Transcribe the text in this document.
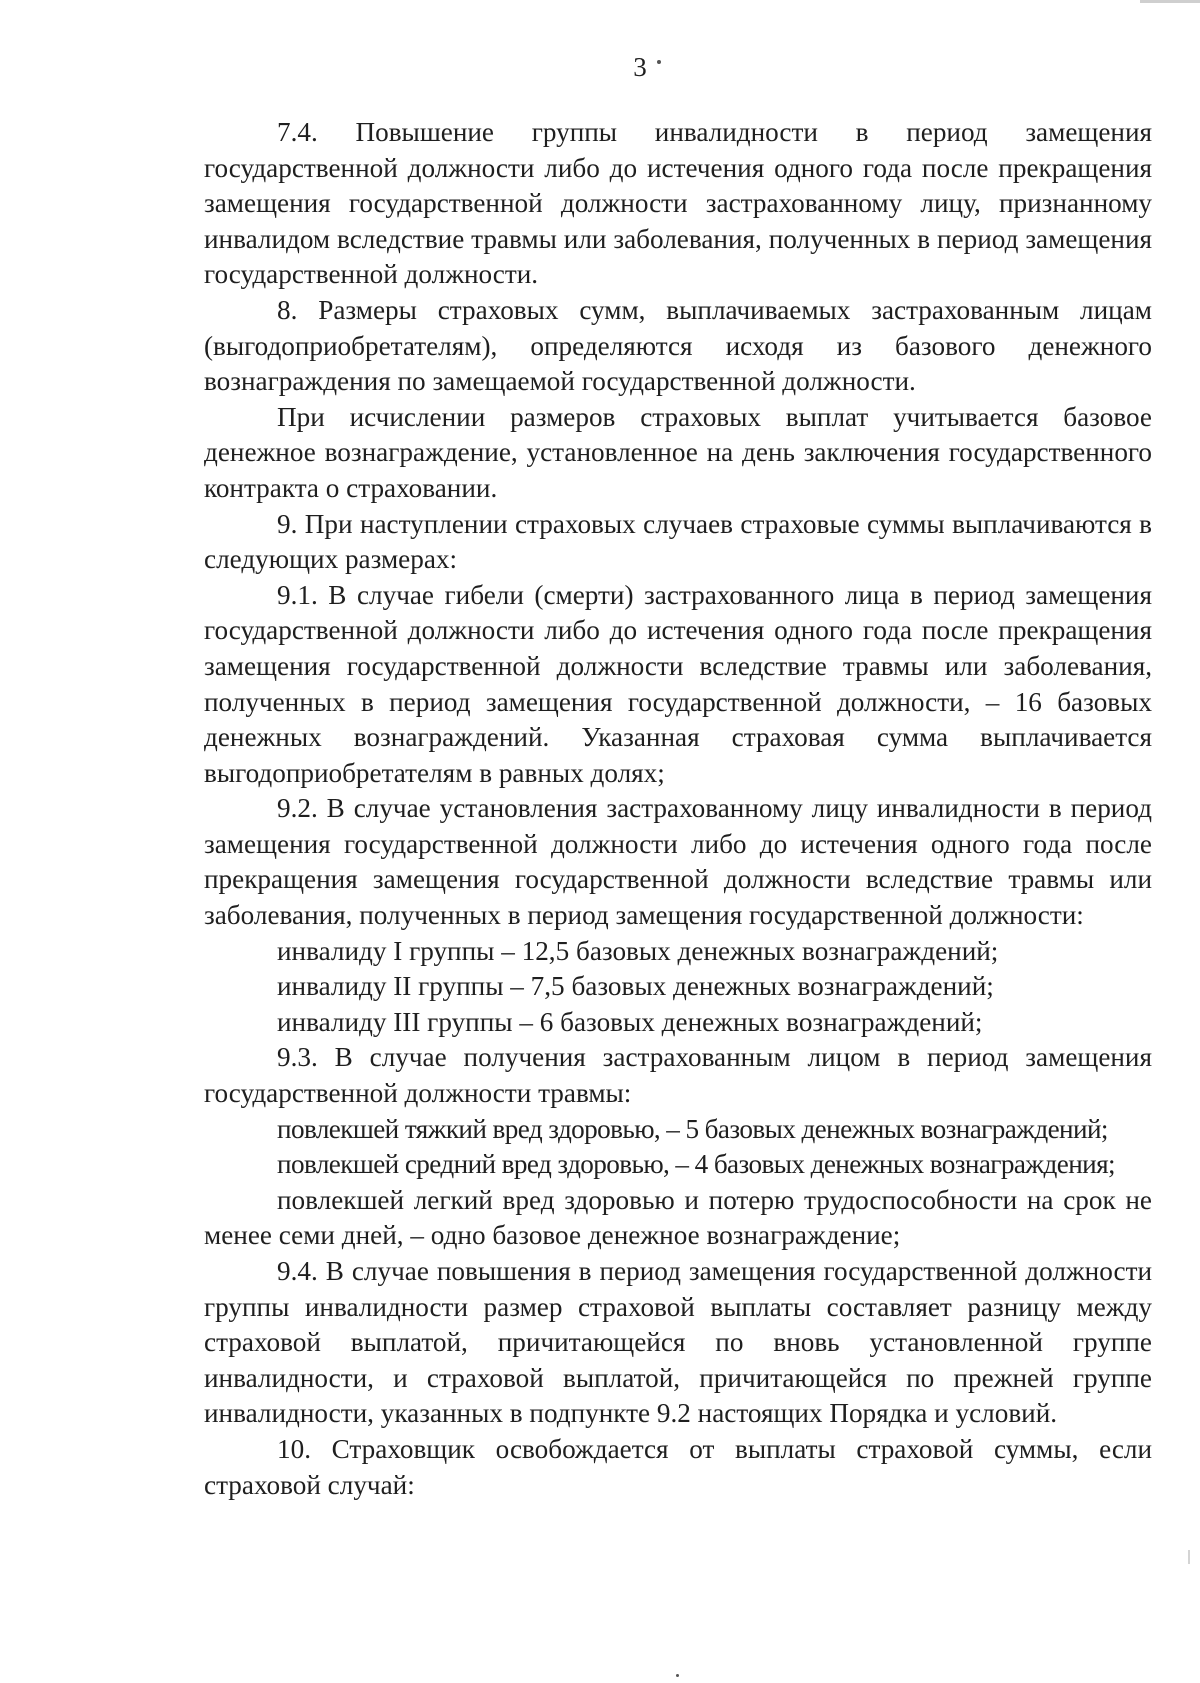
3

7.4. Повышение группы инвалидности в период замещения государственной должности либо до истечения одного года после прекращения замещения государственной должности застрахованному лицу, признанному инвалидом вследствие травмы или заболевания, полученных в период замещения государственной должности.

8. Размеры страховых сумм, выплачиваемых застрахованным лицам (выгодоприобретателям), определяются исходя из базового денежного вознаграждения по замещаемой государственной должности.

При исчислении размеров страховых выплат учитывается базовое денежное вознаграждение, установленное на день заключения государственного контракта о страховании.

9. При наступлении страховых случаев страховые суммы выплачиваются в следующих размерах:

9.1. В случае гибели (смерти) застрахованного лица в период замещения государственной должности либо до истечения одного года после прекращения замещения государственной должности вследствие травмы или заболевания, полученных в период замещения государственной должности, – 16 базовых денежных вознаграждений. Указанная страховая сумма выплачивается выгодоприобретателям в равных долях;

9.2. В случае установления застрахованному лицу инвалидности в период замещения государственной должности либо до истечения одного года после прекращения замещения государственной должности вследствие травмы или заболевания, полученных в период замещения государственной должности:

инвалиду I группы – 12,5 базовых денежных вознаграждений;

инвалиду II группы – 7,5 базовых денежных вознаграждений;

инвалиду III группы – 6 базовых денежных вознаграждений;

9.3. В случае получения застрахованным лицом в период замещения государственной должности травмы:

повлекшей тяжкий вред здоровью, – 5 базовых денежных вознаграждений;

повлекшей средний вред здоровью, – 4 базовых денежных вознаграждения;

повлекшей легкий вред здоровью и потерю трудоспособности на срок не менее семи дней, – одно базовое денежное вознаграждение;

9.4. В случае повышения в период замещения государственной должности группы инвалидности размер страховой выплаты составляет разницу между страховой выплатой, причитающейся по вновь установленной группе инвалидности, и страховой выплатой, причитающейся по прежней группе инвалидности, указанных в подпункте 9.2 настоящих Порядка и условий.

10. Страховщик освобождается от выплаты страховой суммы, если страховой случай:
